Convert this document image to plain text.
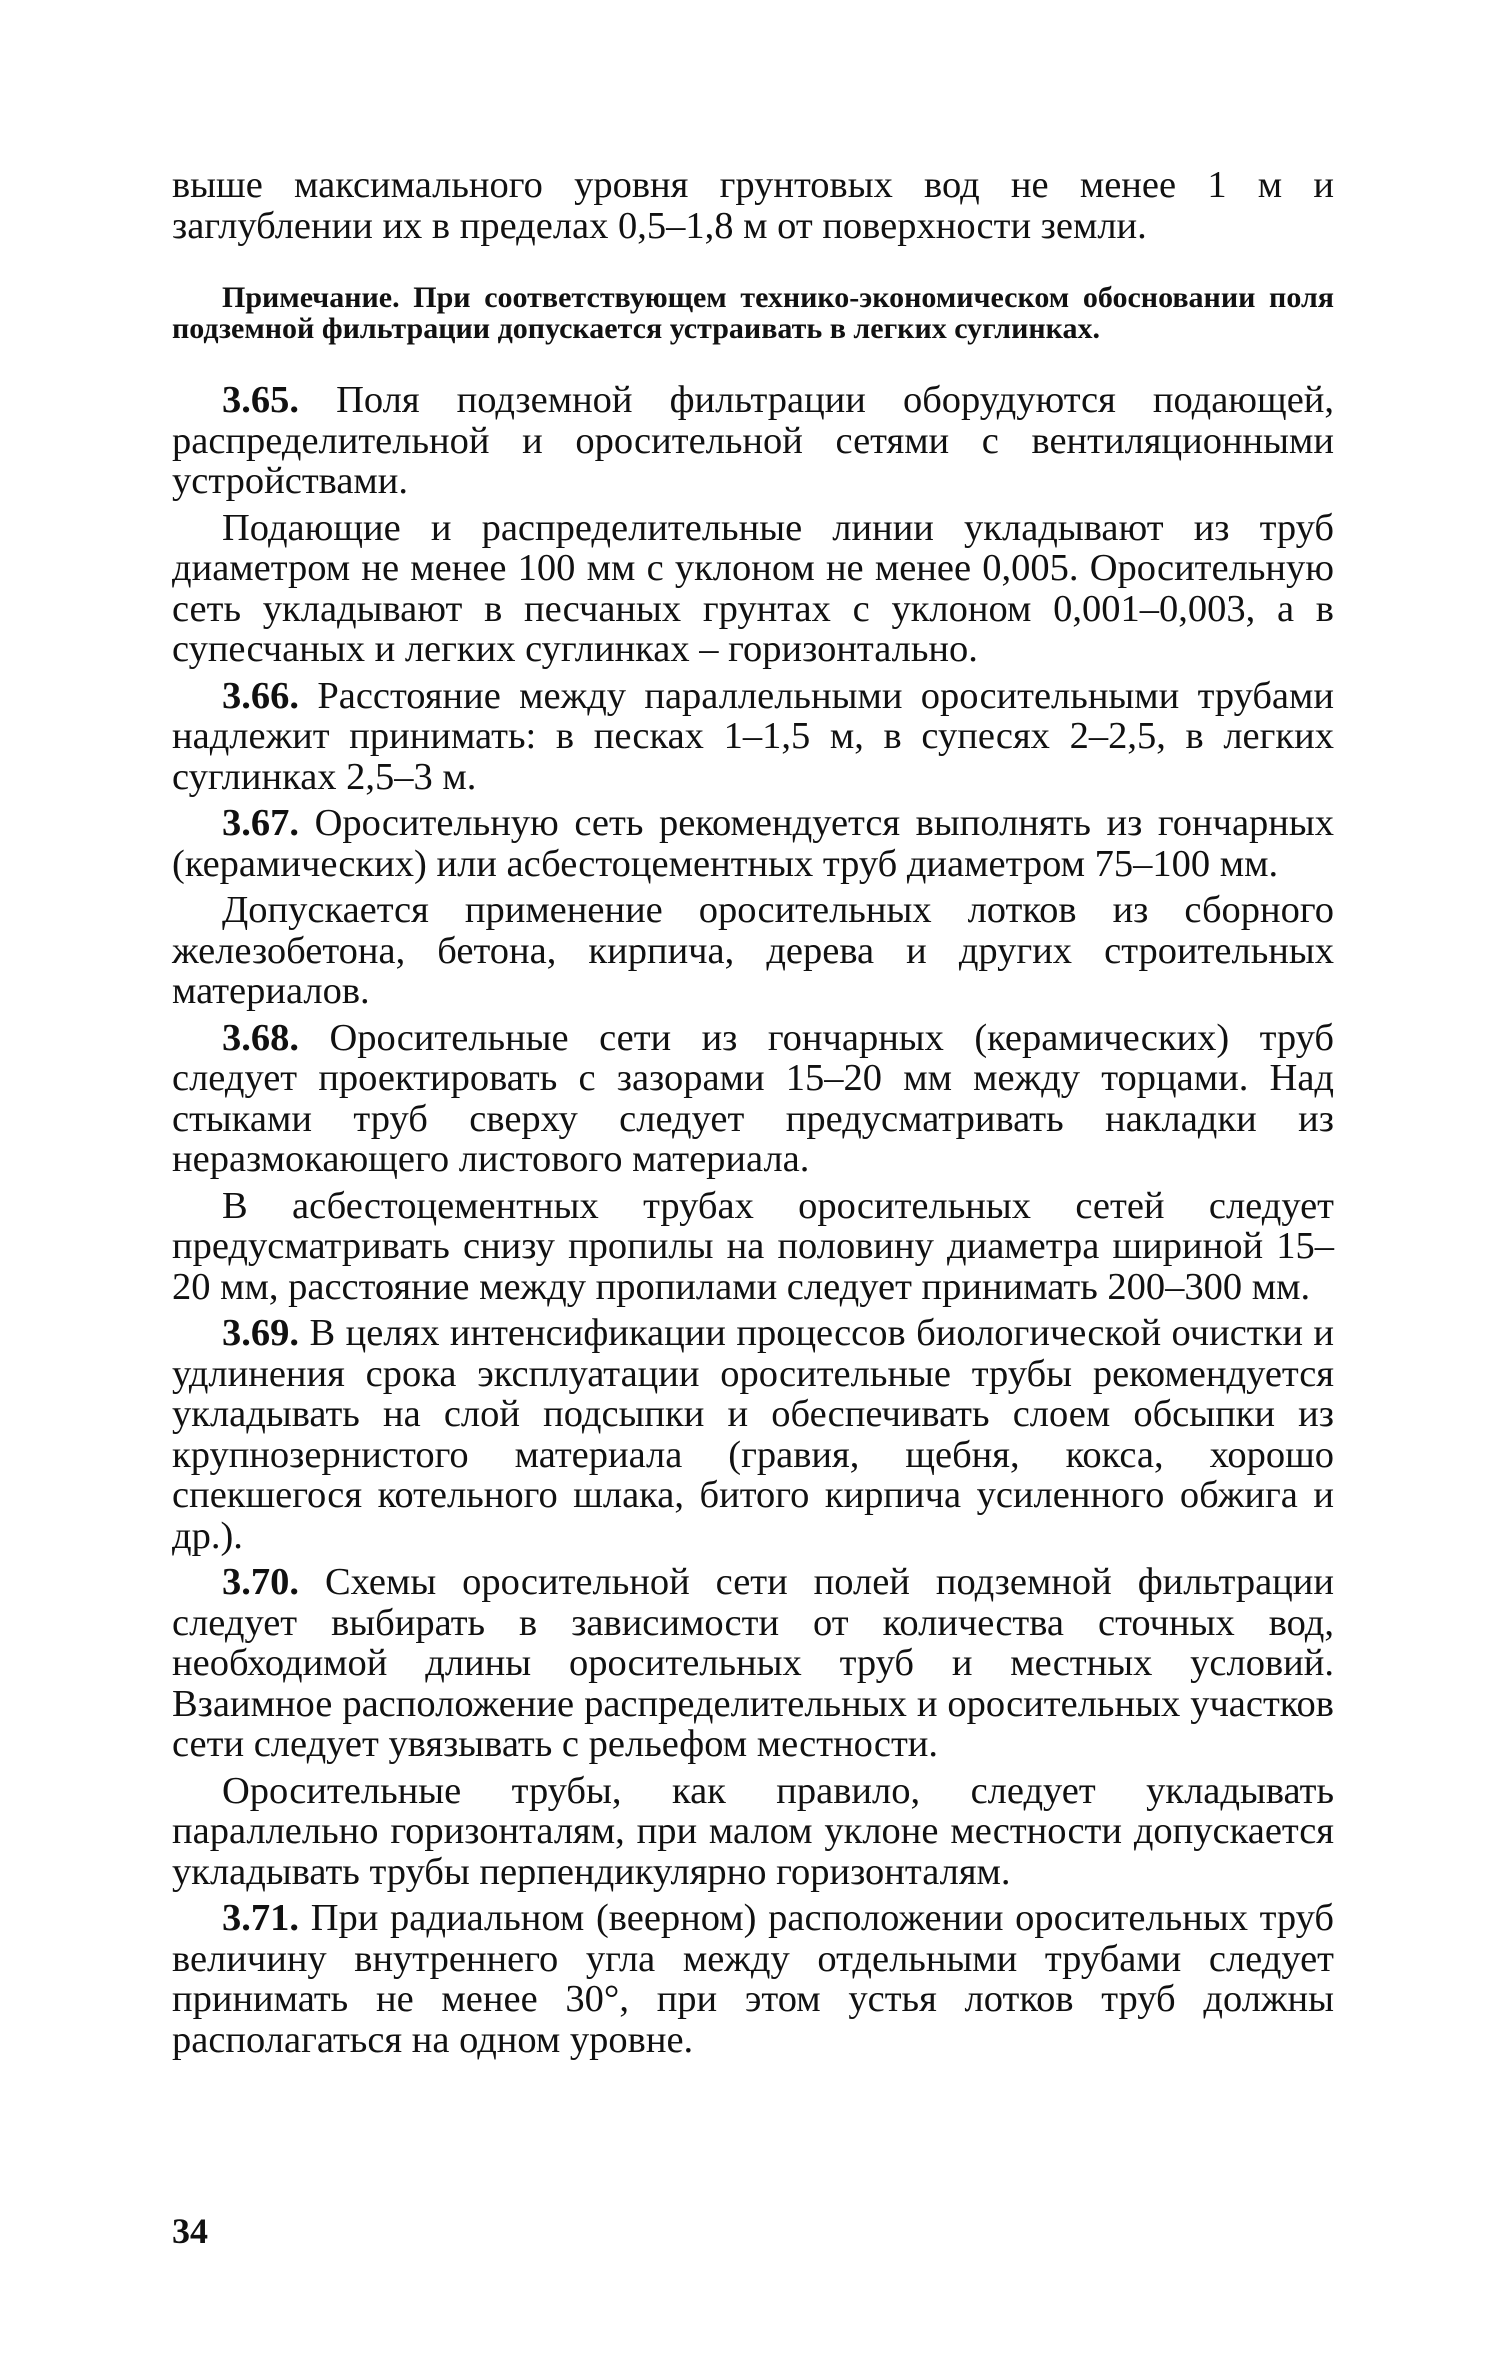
выше максимального уровня грунтовых вод не менее 1 м и заглублении их в пределах 0,5–1,8 м от поверхности земли.

Примечание. При соответствующем технико-экономическом обосновании поля подземной фильтрации допускается устраивать в легких суглинках.

3.65. Поля подземной фильтрации оборудуются подающей, распределительной и оросительной сетями с вентиляционными устройствами.

Подающие и распределительные линии укладывают из труб диаметром не менее 100 мм с уклоном не менее 0,005. Оросительную сеть укладывают в песчаных грунтах с уклоном 0,001–0,003, а в супесчаных и легких суглинках – горизонтально.

3.66. Расстояние между параллельными оросительными трубами надлежит принимать: в песках 1–1,5 м, в супесях 2–2,5, в легких суглинках 2,5–3 м.

3.67. Оросительную сеть рекомендуется выполнять из гончарных (керамических) или асбестоцементных труб диаметром 75–100 мм.

Допускается применение оросительных лотков из сборного железобетона, бетона, кирпича, дерева и других строительных материалов.

3.68. Оросительные сети из гончарных (керамических) труб следует проектировать с зазорами 15–20 мм между торцами. Над стыками труб сверху следует предусматривать накладки из неразмокающего листового материала.

В асбестоцементных трубах оросительных сетей следует предусматривать снизу пропилы на половину диаметра шириной 15–20 мм, расстояние между пропилами следует принимать 200–300 мм.

3.69. В целях интенсификации процессов биологической очистки и удлинения срока эксплуатации оросительные трубы рекомендуется укладывать на слой подсыпки и обеспечивать слоем обсыпки из крупнозернистого материала (гравия, щебня, кокса, хорошо спекшегося котельного шлака, битого кирпича усиленного обжига и др.).

3.70. Схемы оросительной сети полей подземной фильтрации следует выбирать в зависимости от количества сточных вод, необходимой длины оросительных труб и местных условий. Взаимное расположение распределительных и оросительных участков сети следует увязывать с рельефом местности.

Оросительные трубы, как правило, следует укладывать параллельно горизонталям, при малом уклоне местности допускается укладывать трубы перпендикулярно горизонталям.

3.71. При радиальном (веерном) расположении оросительных труб величину внутреннего угла между отдельными трубами следует принимать не менее 30°, при этом устья лотков труб должны располагаться на одном уровне.

34
